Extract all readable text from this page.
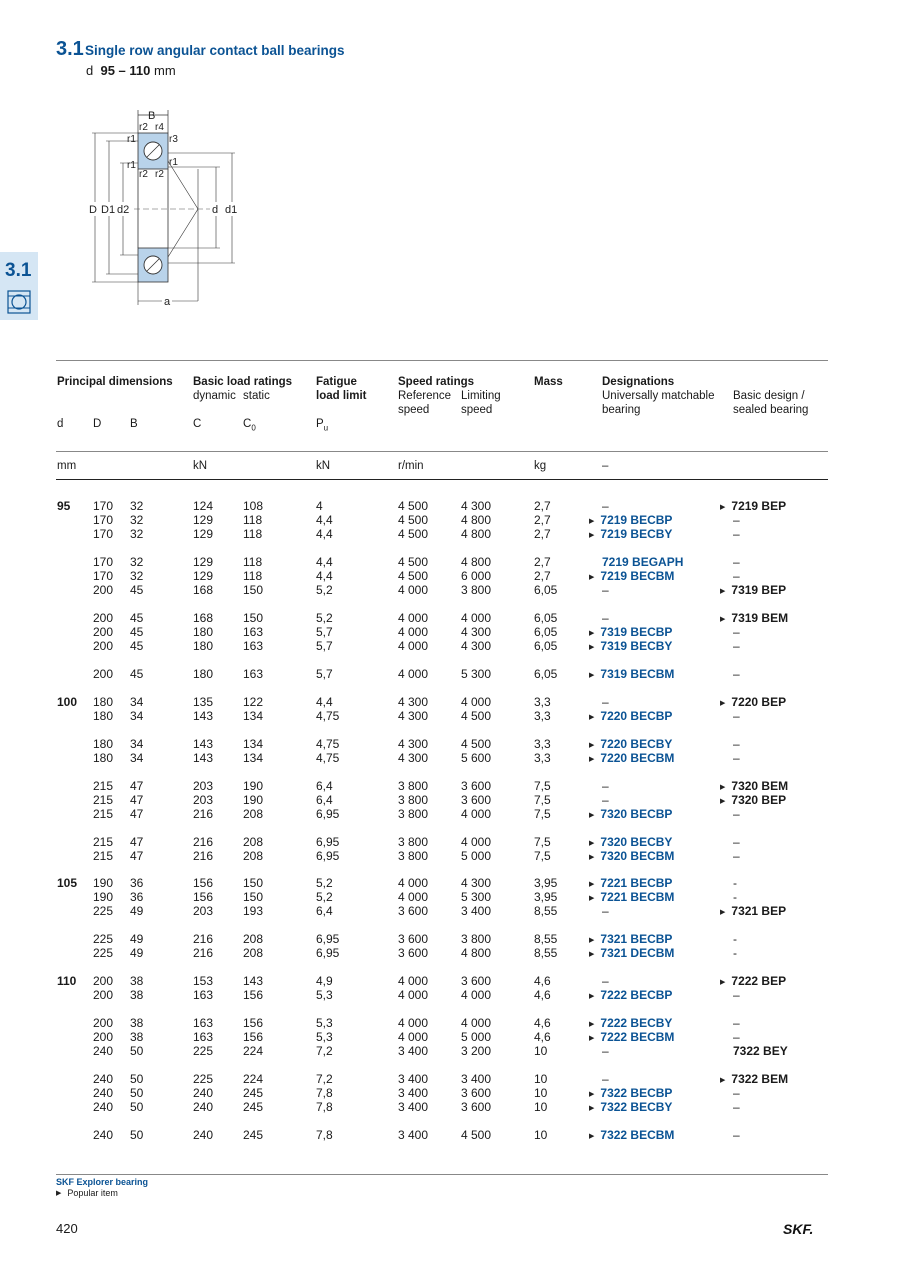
3.1 Single row angular contact ball bearings
d 95 – 110 mm
3.1
B
D D1 d2	d d1
a
r1
r2 r4
r3
r1
r1
r2 r2
Principal dimensions Basic load ratings
dynamic static
Fatigue
load limit
Speed ratings
Reference
speed
Limiting
speed
Mass	Designations
Universally matchable
bearing
Basic design /
sealed bearing
d	D B	C	$C_0$	$P_u$
mm	kN	kN	r/min	kg	–
95 170 32	124 108	4	4 500	4 300	2,7	–	▶ 7219 BEP
170 32	129 118	4,4	4 500	4 800	2,7	▶ 7219 BECBP	–
170 32	129 118	4,4	4 500	4 800	2,7	▶ 7219 BECBY	–
170 32	129 118	4,4	4 500	4 800	2,7	7219 BEGAPH	–
170 32	129 118	4,4	4 500	6 000	2,7	▶ 7219 BECBM	–
200 45	168 150	5,2	4 000	3 800	6,05	–	▶ 7319 BEP
200 45	168 150	5,2	4 000	4 000	6,05	–	▶ 7319 BEM
200 45	180 163	5,7	4 000	4 300	6,05	▶ 7319 BECBP	–
200 45	180 163	5,7	4 000	4 300	6,05	▶ 7319 BECBY	–
200 45	180 163	5,7	4 000	5 300	6,05	▶ 7319 BECBM	–
100 180 34	135 122	4,4	4 300	4 000	3,3	–	▶ 7220 BEP
180 34	143 134	4,75	4 300	4 500	3,3	▶ 7220 BECBP	–
180 34	143 134	4,75	4 300	4 500	3,3	▶ 7220 BECBY	–
180 34	143 134	4,75	4 300	5 600	3,3	▶ 7220 BECBM	–
215 47	203 190	6,4	3 800	3 600	7,5	–	▶ 7320 BEM
215 47	203 190	6,4	3 800	3 600	7,5	–	▶ 7320 BEP
215 47	216 208	6,95	3 800	4 000	7,5	▶ 7320 BECBP	–
215 47	216 208	6,95	3 800	4 000	7,5	▶ 7320 BECBY	–
215 47	216 208	6,95	3 800	5 000	7,5	▶ 7320 BECBM	–
105 190 36	156 150	5,2	4 000	4 300	3,95	▶ 7221 BECBP	-
190 36	156 150	5,2	4 000	5 300	3,95	▶ 7221 BECBM	-
225 49	203 193	6,4	3 600	3 400	8,55	–	▶ 7321 BEP
225 49	216 208	6,95	3 600	3 800	8,55	▶ 7321 BECBP	-
225 49	216 208	6,95	3 600	4 800	8,55	▶ 7321 DECBM	-
110 200 38	153 143	4,9	4 000	3 600	4,6	–	▶ 7222 BEP
200 38	163 156	5,3	4 000	4 000	4,6	▶ 7222 BECBP	–
200 38	163 156	5,3	4 000	4 000	4,6	▶ 7222 BECBY	–
200 38	163 156	5,3	4 000	5 000	4,6	▶ 7222 BECBM	–
240 50	225 224	7,2	3 400	3 200	10	–	7322 BEY
240 50	225 224	7,2	3 400	3 400	10	–	▶ 7322 BEM
240 50	240 245	7,8	3 400	3 600	10	▶ 7322 BECBP	–
240 50	240 245	7,8	3 400	3 600	10	▶ 7322 BECBY	–
240 50	240 245	7,8	3 400	4 500	10	▶ 7322 BECBM	–
SKF Explorer bearing
▶ Popular item
420	SKF.
